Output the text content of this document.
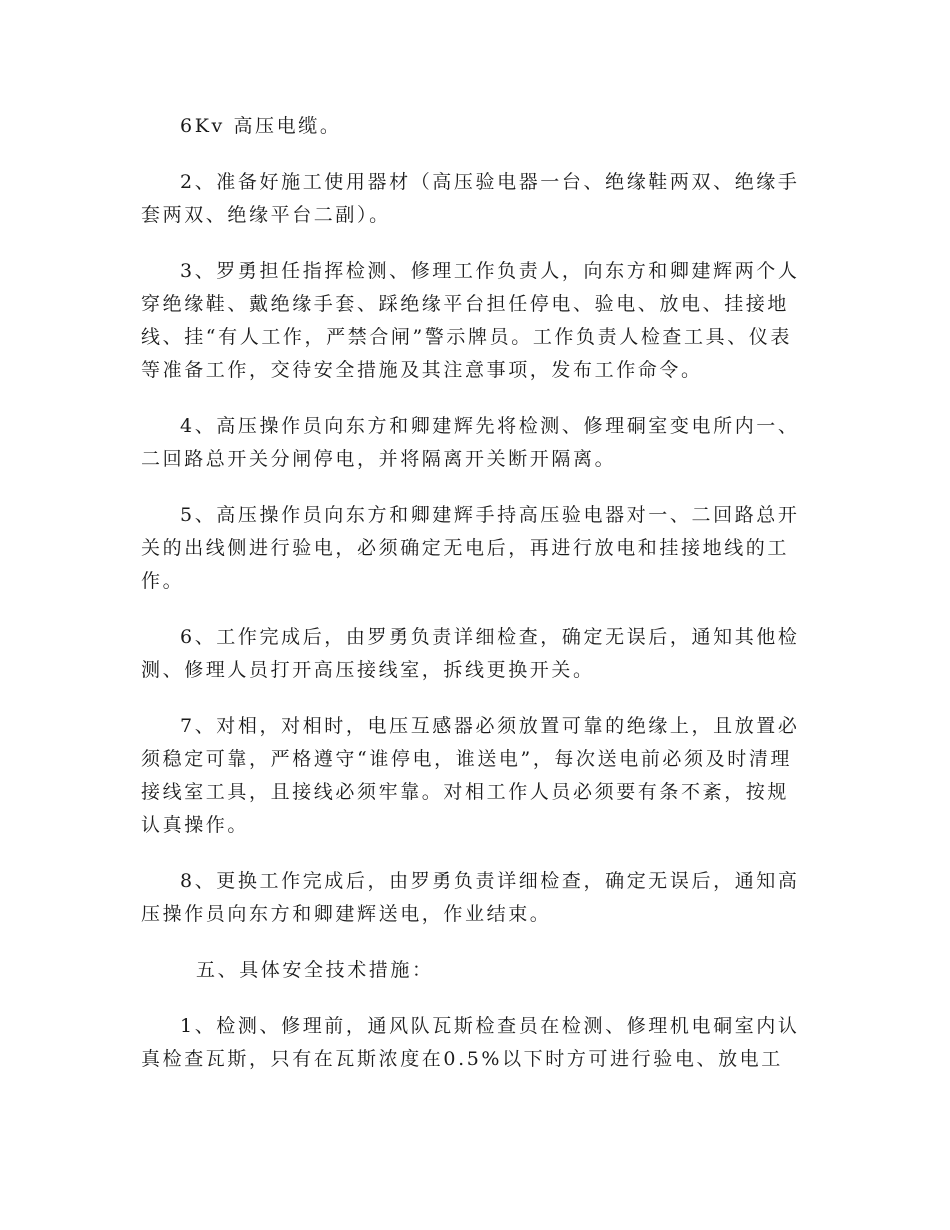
6Kv 高压电缆。

2、准备好施工使用器材（高压验电器一台、绝缘鞋两双、绝缘手套两双、绝缘平台二副）。

3、罗勇担任指挥检测、修理工作负责人，向东方和卿建辉两个人穿绝缘鞋、戴绝缘手套、踩绝缘平台担任停电、验电、放电、挂接地线、挂“有人工作，严禁合闸”警示牌员。工作负责人检查工具、仪表等准备工作，交待安全措施及其注意事项，发布工作命令。

4、高压操作员向东方和卿建辉先将检测、修理硐室变电所内一、二回路总开关分闸停电，并将隔离开关断开隔离。

5、高压操作员向东方和卿建辉手持高压验电器对一、二回路总开关的出线侧进行验电，必须确定无电后，再进行放电和挂接地线的工作。

6、工作完成后，由罗勇负责详细检查，确定无误后，通知其他检测、修理人员打开高压接线室，拆线更换开关。

7、对相，对相时，电压互感器必须放置可靠的绝缘上，且放置必须稳定可靠，严格遵守“谁停电，谁送电”，每次送电前必须及时清理接线室工具，且接线必须牢靠。对相工作人员必须要有条不紊，按规认真操作。

8、更换工作完成后，由罗勇负责详细检查，确定无误后，通知高压操作员向东方和卿建辉送电，作业结束。

五、具体安全技术措施：

1、检测、修理前，通风队瓦斯检查员在检测、修理机电硐室内认真检查瓦斯，只有在瓦斯浓度在0.5%以下时方可进行验电、放电工
